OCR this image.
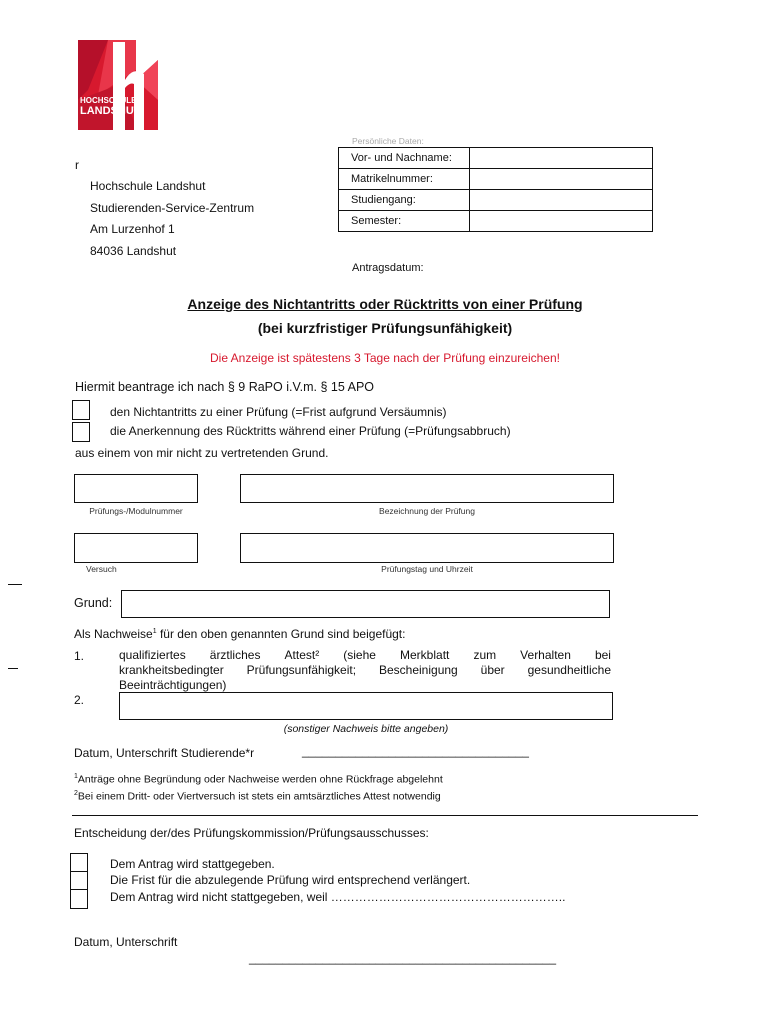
HOCHSCHULE
LANDSHUT
r
Hochschule Landshut
Studierenden-Service-Zentrum
Am Lurzenhof 1
84036 Landshut
Persönliche Daten:
Vor- und Nachname:	
Matrikelnummer:	
Studiengang:	
Semester:	
Antragsdatum:
Anzeige des Nichtantritts oder Rücktritts von einer Prüfung
(bei kurzfristiger Prüfungsunfähigkeit)
Die Anzeige ist spätestens 3 Tage nach der Prüfung einzureichen!
Hiermit beantrage ich nach § 9 RaPO i.V.m. § 15 APO
den Nichtantritts zu einer Prüfung (=Frist aufgrund Versäumnis)
die Anerkennung des Rücktritts während einer Prüfung (=Prüfungsabbruch)
aus einem von mir nicht zu vertretenden Grund.
Prüfungs-/Modulnummer	Bezeichnung der Prüfung
Versuch	Prüfungstag und Uhrzeit
Grund:
Als Nachweise$^1$ für den oben genannten Grund sind beigefügt:
1.	qualifiziertes ärztliches Attest² (siehe Merkblatt zum Verhalten bei
krankheitsbedingter Prüfungsunfähigkeit; Bescheinigung über gesundheitliche
Beeinträchtigungen)
2.
(sonstiger Nachweis bitte angeben)
Datum, Unterschrift Studierende*r	__________________________________
$^1$Anträge ohne Begründung oder Nachweise werden ohne Rückfrage abgelehnt
$^2$Bei einem Dritt- oder Viertversuch ist stets ein amtsärztliches Attest notwendig
Entscheidung der/des Prüfungskommission/Prüfungsausschusses:
Dem Antrag wird stattgegeben.
Die Frist für die abzulegende Prüfung wird entsprechend verlängert.
Dem Antrag wird nicht stattgegeben, weil …………………………………………………..
Datum, Unterschrift
______________________________________________
